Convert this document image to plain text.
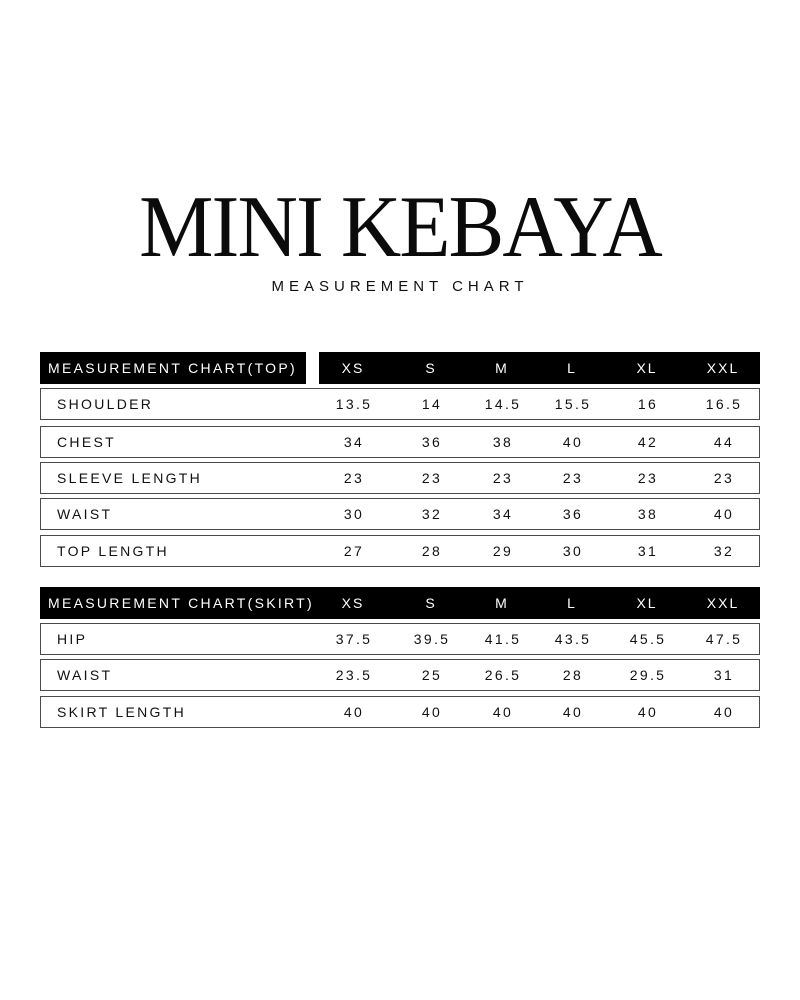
MINI KEBAYA
MEASUREMENT CHART
MEASUREMENT CHART(TOP)	XS	S	M	L	XL	XXL
SHOULDER	13.5	14	14.5	15.5	16	16.5
CHEST	34	36	38	40	42	44
SLEEVE LENGTH	23	23	23	23	23	23
WAIST	30	32	34	36	38	40
TOP LENGTH	27	28	29	30	31	32
MEASUREMENT CHART(SKIRT)	XS	S	M	L	XL	XXL
HIP	37.5	39.5	41.5	43.5	45.5	47.5
WAIST	23.5	25	26.5	28	29.5	31
SKIRT LENGTH	40	40	40	40	40	40
